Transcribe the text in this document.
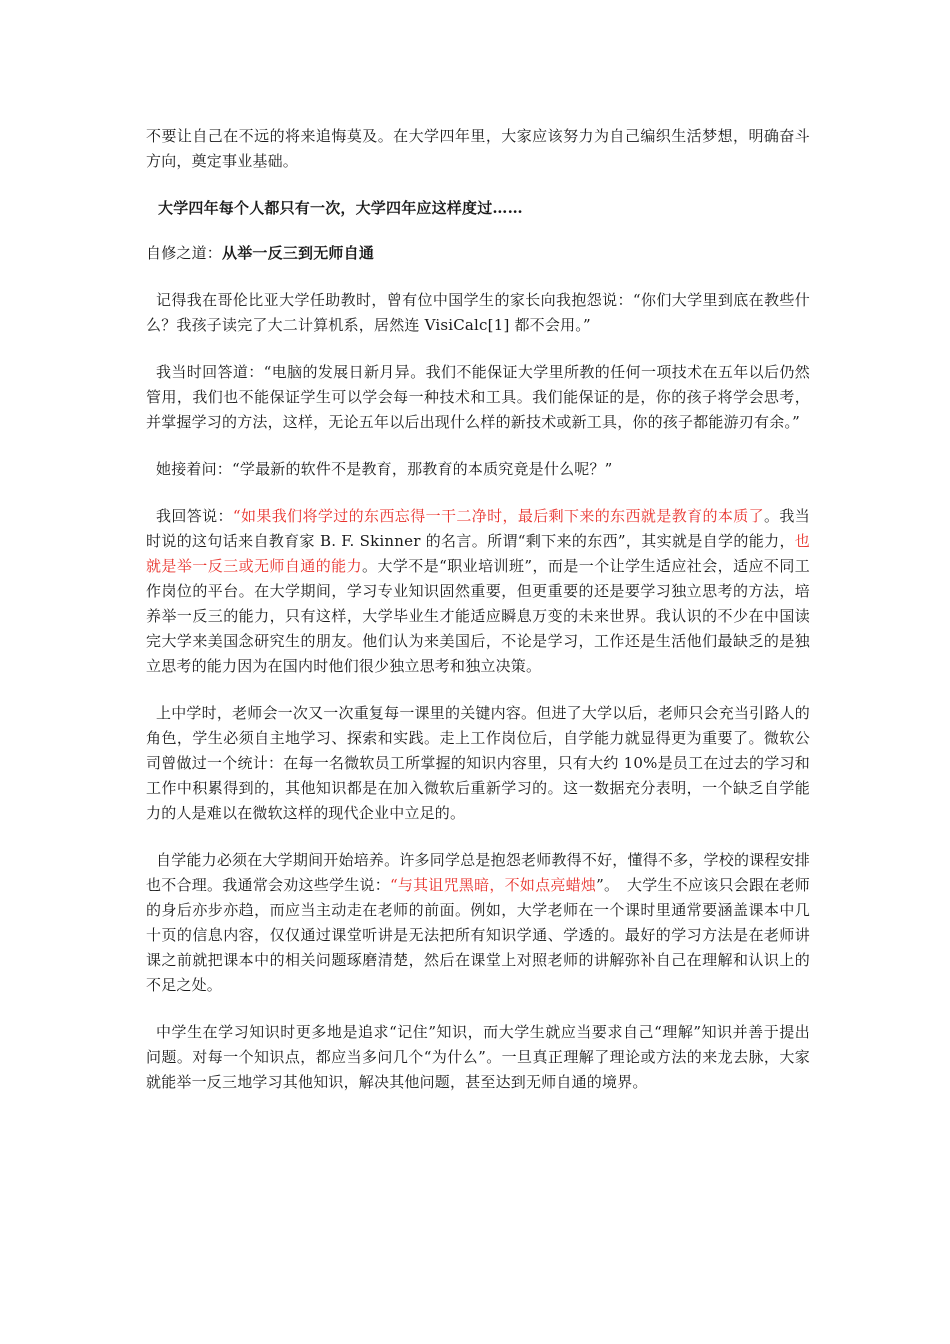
不要让自己在不远的将来追悔莫及。在大学四年里，大家应该努力为自己编织生活梦想，明确奋斗方向，奠定事业基础。

大学四年每个人都只有一次，大学四年应这样度过……

自修之道：从举一反三到无师自通

记得我在哥伦比亚大学任助教时，曾有位中国学生的家长向我抱怨说：“你们大学里到底在教些什么？我孩子读完了大二计算机系，居然连 VisiCalc[1] 都不会用。”

我当时回答道：“电脑的发展日新月异。我们不能保证大学里所教的任何一项技术在五年以后仍然管用，我们也不能保证学生可以学会每一种技术和工具。我们能保证的是，你的孩子将学会思考，并掌握学习的方法，这样，无论五年以后出现什么样的新技术或新工具，你的孩子都能游刃有余。”

她接着问：“学最新的软件不是教育，那教育的本质究竟是什么呢？”

我回答说：“如果我们将学过的东西忘得一干二净时，最后剩下来的东西就是教育的本质了。我当时说的这句话来自教育家 B. F. Skinner 的名言。所谓“剩下来的东西”，其实就是自学的能力，也就是举一反三或无师自通的能力。大学不是“职业培训班”，而是一个让学生适应社会，适应不同工作岗位的平台。在大学期间，学习专业知识固然重要，但更重要的还是要学习独立思考的方法，培养举一反三的能力，只有这样，大学毕业生才能适应瞬息万变的未来世界。我认识的不少在中国读完大学来美国念研究生的朋友。他们认为来美国后，不论是学习，工作还是生活他们最缺乏的是独立思考的能力因为在国内时他们很少独立思考和独立决策。

上中学时，老师会一次又一次重复每一课里的关键内容。但进了大学以后，老师只会充当引路人的角色，学生必须自主地学习、探索和实践。走上工作岗位后，自学能力就显得更为重要了。微软公司曾做过一个统计：在每一名微软员工所掌握的知识内容里，只有大约 10%是员工在过去的学习和工作中积累得到的，其他知识都是在加入微软后重新学习的。这一数据充分表明，一个缺乏自学能力的人是难以在微软这样的现代企业中立足的。

自学能力必须在大学期间开始培养。许多同学总是抱怨老师教得不好，懂得不多，学校的课程安排也不合理。我通常会劝这些学生说：“与其诅咒黑暗，不如点亮蜡烛”。　大学生不应该只会跟在老师的身后亦步亦趋，而应当主动走在老师的前面。例如，大学老师在一个课时里通常要涵盖课本中几十页的信息内容，仅仅通过课堂听讲是无法把所有知识学通、学透的。最好的学习方法是在老师讲课之前就把课本中的相关问题琢磨清楚，然后在课堂上对照老师的讲解弥补自己在理解和认识上的不足之处。

中学生在学习知识时更多地是追求“记住”知识，而大学生就应当要求自己“理解”知识并善于提出问题。对每一个知识点，都应当多问几个“为什么”。一旦真正理解了理论或方法的来龙去脉，大家就能举一反三地学习其他知识，解决其他问题，甚至达到无师自通的境界。
